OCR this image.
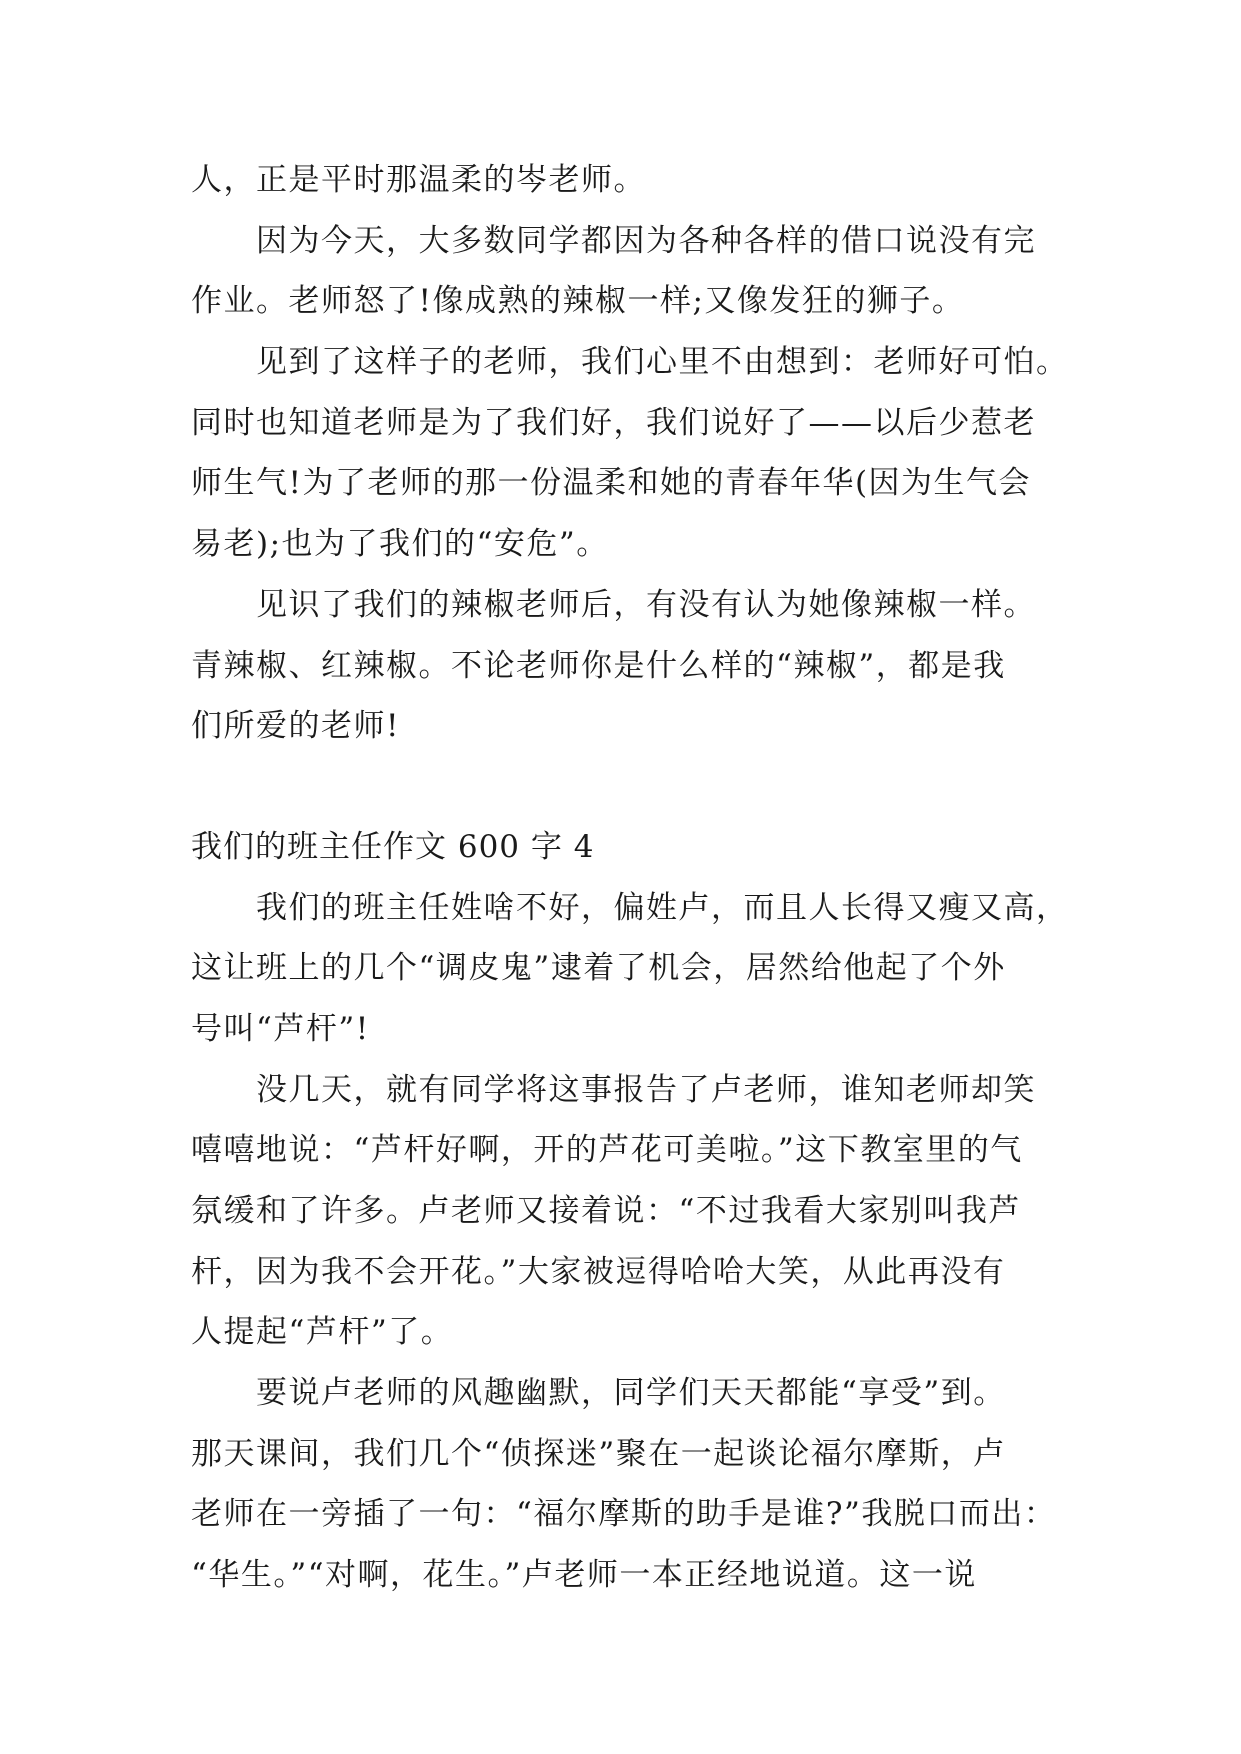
人，正是平时那温柔的岑老师。
　　因为今天，大多数同学都因为各种各样的借口说没有完
作业。老师怒了!像成熟的辣椒一样;又像发狂的狮子。
　　见到了这样子的老师，我们心里不由想到：老师好可怕。
同时也知道老师是为了我们好，我们说好了——以后少惹老
师生气!为了老师的那一份温柔和她的青春年华(因为生气会
易老);也为了我们的“安危”。
　　见识了我们的辣椒老师后，有没有认为她像辣椒一样。
青辣椒、红辣椒。不论老师你是什么样的“辣椒”，都是我
们所爱的老师!
我们的班主任作文 600 字 4
　　我们的班主任姓啥不好，偏姓卢，而且人长得又瘦又高，
这让班上的几个“调皮鬼”逮着了机会，居然给他起了个外
号叫“芦杆”!
　　没几天，就有同学将这事报告了卢老师，谁知老师却笑
嘻嘻地说：“芦杆好啊，开的芦花可美啦。”这下教室里的气
氛缓和了许多。卢老师又接着说：“不过我看大家别叫我芦
杆，因为我不会开花。”大家被逗得哈哈大笑，从此再没有
人提起“芦杆”了。
　　要说卢老师的风趣幽默，同学们天天都能“享受”到。
那天课间，我们几个“侦探迷”聚在一起谈论福尔摩斯，卢
老师在一旁插了一句：“福尔摩斯的助手是谁?”我脱口而出：
“华生。”“对啊，花生。”卢老师一本正经地说道。这一说
